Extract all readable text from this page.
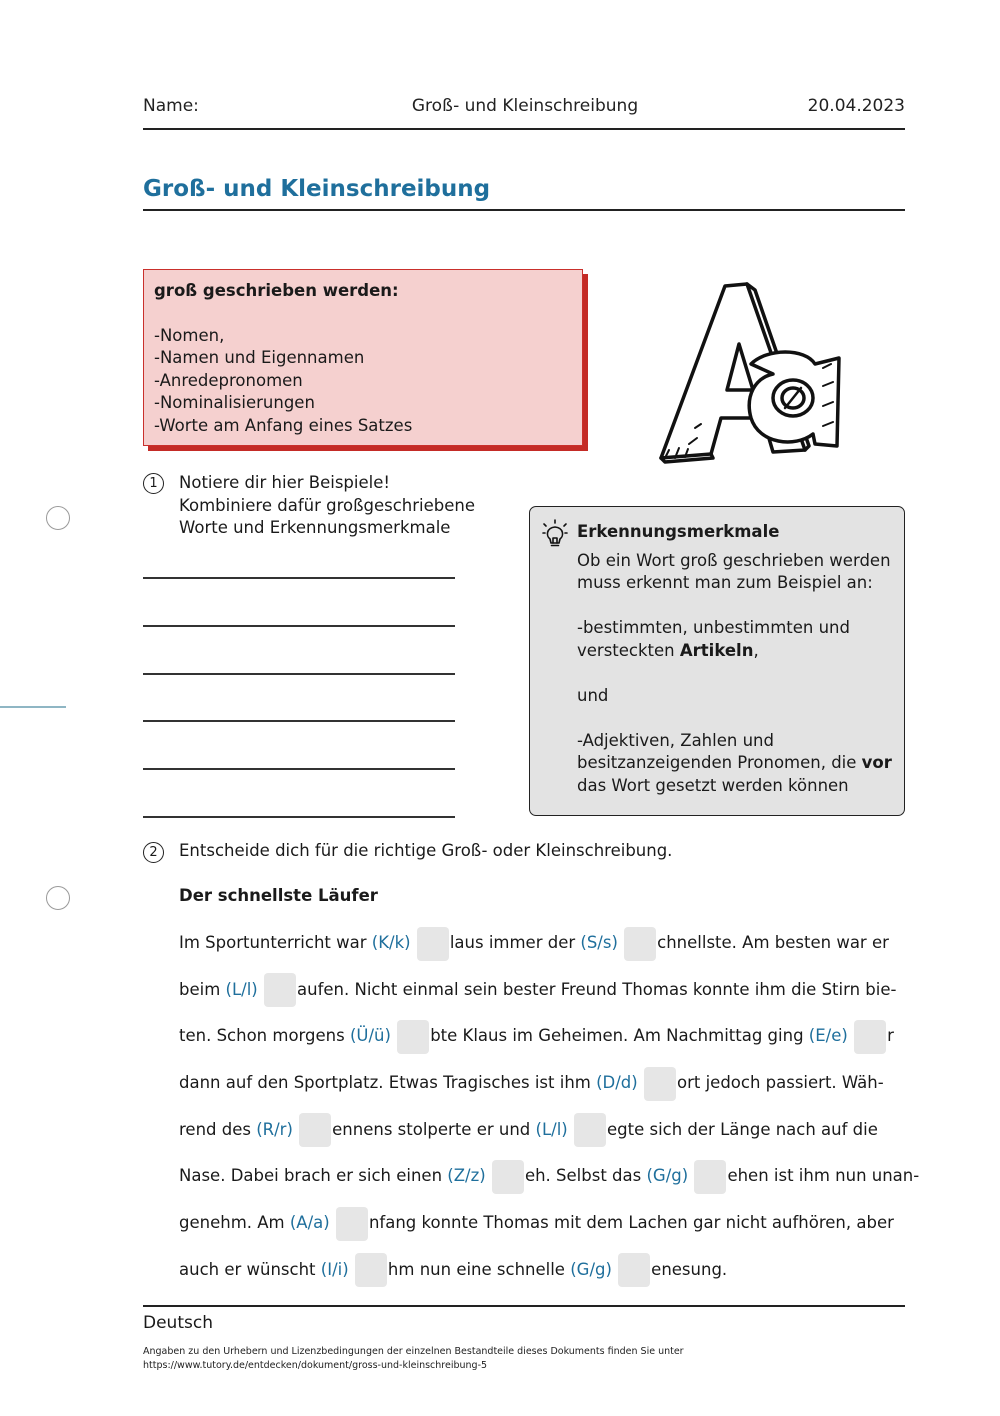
Name:	Groß- und Kleinschreibung	20.04.2023
Groß- und Kleinschreibung
groß geschrieben werden:
-Nomen,
-Namen und Eigennamen
-Anredepronomen
-Nominalisierungen
-Worte am Anfang eines Satzes
1	Notiere dir hier Beispiele!
Kombiniere dafür großgeschriebene
Worte und Erkennungsmerkmale	Erkennungsmerkmale

Ob ein Wort groß geschrieben werden muss erkennt man zum Beispiel an:

-bestimmten, unbestimmten und versteckten Artikeln,

und

-Adjektiven, Zahlen und besitzanzeigenden Pronomen, die vor das Wort gesetzt werden können

2	Entscheide dich für die richtige Groß- oder Kleinschreibung.
Der schnellste Läufer
Im Sportunterricht war (K/k) laus immer der (S/s) chnellste. Am besten war er
beim (L/l) aufen. Nicht einmal sein bester Freund Thomas konnte ihm die Stirn bie-
ten. Schon morgens (Ü/ü) bte Klaus im Geheimen. Am Nachmittag ging (E/e) r
dann auf den Sportplatz. Etwas Tragisches ist ihm (D/d) ort jedoch passiert. Wäh-
rend des (R/r) ennens stolperte er und (L/l) egte sich der Länge nach auf die
Nase. Dabei brach er sich einen (Z/z) eh. Selbst das (G/g) ehen ist ihm nun unan-
genehm. Am (A/a) nfang konnte Thomas mit dem Lachen gar nicht aufhören, aber
auch er wünscht (I/i) hm nun eine schnelle (G/g) enesung.
Deutsch
Angaben zu den Urhebern und Lizenzbedingungen der einzelnen Bestandteile dieses Dokuments finden Sie unter
https://www.tutory.de/entdecken/dokument/gross-und-kleinschreibung-5
